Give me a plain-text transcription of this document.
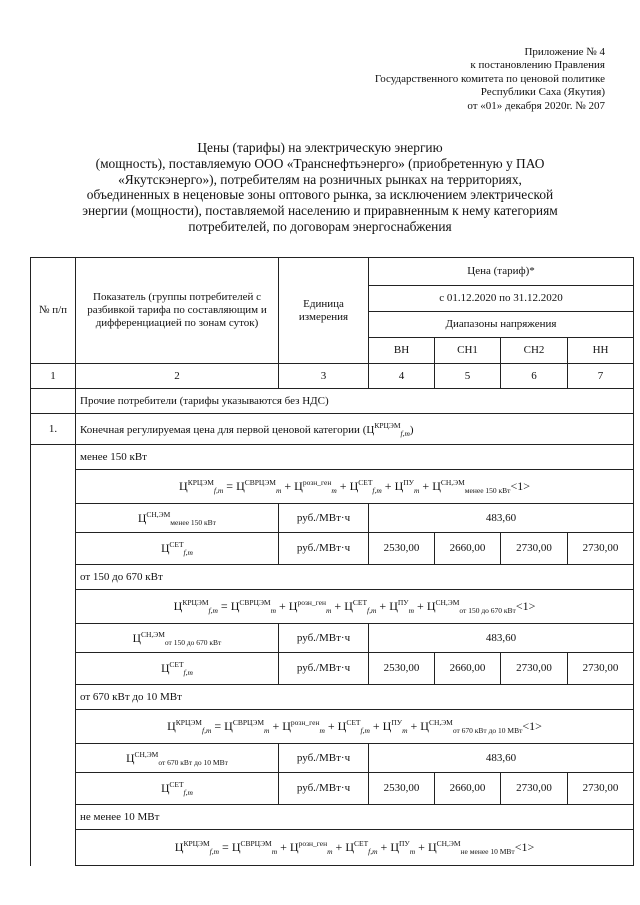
Приложение № 4
к постановлению Правления
Государственного комитета по ценовой политике
Республики Саха (Якутия)
от «01» декабря 2020г. № 207
Цены (тарифы) на электрическую энергию
(мощность), поставляемую ООО «Транснефтьэнерго» (приобретенную у ПАО
«Якутскэнерго»), потребителям на розничных рынках на территориях,
объединенных в неценовые зоны оптового рынка, за исключением электрической
энергии (мощности), поставляемой населению и приравненным к нему категориям
потребителей, по договорам энергоснабжения
№ п/п	Показатель (группы потребителей с разбивкой тарифа по составляющим и дифференциацией по зонам суток)	Единица измерения	Цена (тариф)*			
			с 01.12.2020 по 31.12.2020			
			Диапазоны напряжения			
			ВН	СН1	СН2	НН
1	2	3	4	5	6	7
	Прочие потребители (тарифы указываются без НДС)					
1.	Конечная регулируемая цена для первой ценовой категории $(Ц^{КРЦЭМ}_{f,m})$					
	менее 150 кВт					
	$Ц^{КРЦЭМ}_{f,m} = Ц^{СВРЦЭМ}_m + Ц^{розн\_ген}_m + Ц^{СЕТ}_{f,m} + Ц^{ПУ}_m + Ц^{СН,ЭМ}_{менее 150 кВт}<1>$					
	$Ц^{СН,ЭМ}_{менее 150 кВт}$	руб./МВт·ч	483,60			
	$Ц^{СЕТ}_{f,m}$	руб./МВт·ч	2530,00	2660,00	2730,00	2730,00
	от 150 до 670 кВт					
	$Ц^{КРЦЭМ}_{f,m} = Ц^{СВРЦЭМ}_m + Ц^{розн\_ген}_m + Ц^{СЕТ}_{f,m} + Ц^{ПУ}_m + Ц^{СН,ЭМ}_{от 150 до 670 кВт}<1>$					
	$Ц^{СН,ЭМ}_{от 150 до 670 кВт}$	руб./МВт·ч	483,60			
	$Ц^{СЕТ}_{f,m}$	руб./МВт·ч	2530,00	2660,00	2730,00	2730,00
	от 670 кВт до 10 МВт					
	$Ц^{КРЦЭМ}_{f,m} = Ц^{СВРЦЭМ}_m + Ц^{розн\_ген}_m + Ц^{СЕТ}_{f,m} + Ц^{ПУ}_m + Ц^{СН,ЭМ}_{от 670 кВт до 10 МВт}<1>$					
	$Ц^{СН,ЭМ}_{от 670 кВт до 10 МВт}$	руб./МВт·ч	483,60			
	$Ц^{СЕТ}_{f,m}$	руб./МВт·ч	2530,00	2660,00	2730,00	2730,00
	не менее 10 МВт					
	$Ц^{КРЦЭМ}_{f,m} = Ц^{СВРЦЭМ}_m + Ц^{розн\_ген}_m + Ц^{СЕТ}_{f,m} + Ц^{ПУ}_m + Ц^{СН,ЭМ}_{не менее 10 МВт}<1>$					
